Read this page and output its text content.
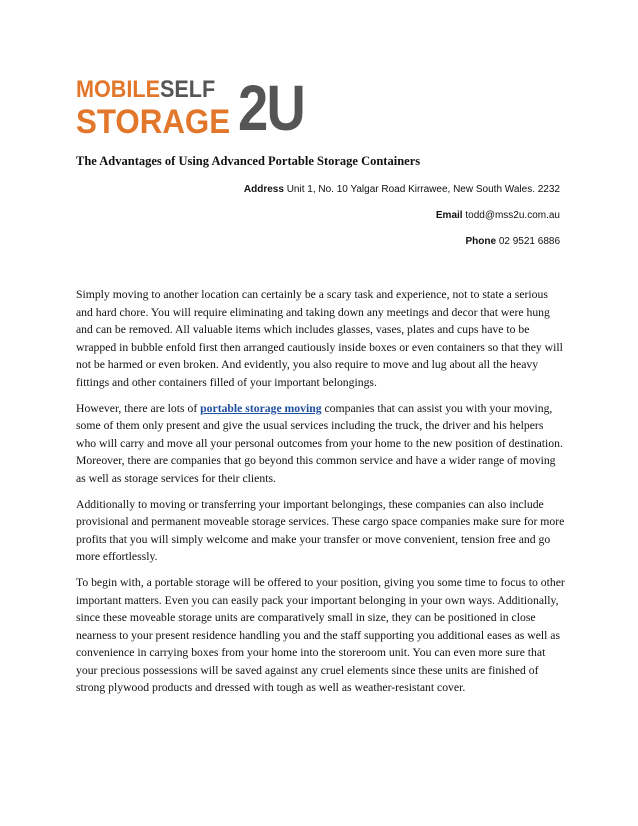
MOBILESELF
STORAGE 2U
The Advantages of Using Advanced Portable Storage Containers
Address Unit 1, No. 10 Yalgar Road Kirrawee, New South Wales. 2232
Email todd@mss2u.com.au
Phone 02 9521 6886

Simply moving to another location can certainly be a scary task and experience, not to state a serious and hard chore. You will require eliminating and taking down any meetings and decor that were hung and can be removed. All valuable items which includes glasses, vases, plates and cups have to be wrapped in bubble enfold first then arranged cautiously inside boxes or even containers so that they will not be harmed or even broken. And evidently, you also require to move and lug about all the heavy fittings and other containers filled of your important belongings.

However, there are lots of portable storage moving companies that can assist you with your moving, some of them only present and give the usual services including the truck, the driver and his helpers who will carry and move all your personal outcomes from your home to the new position of destination. Moreover, there are companies that go beyond this common service and have a wider range of moving as well as storage services for their clients.

Additionally to moving or transferring your important belongings, these companies can also include provisional and permanent moveable storage services. These cargo space companies make sure for more profits that you will simply welcome and make your transfer or move convenient, tension free and go more effortlessly.

To begin with, a portable storage will be offered to your position, giving you some time to focus to other important matters. Even you can easily pack your important belonging in your own ways. Additionally, since these moveable storage units are comparatively small in size, they can be positioned in close nearness to your present residence handling you and the staff supporting you additional eases as well as convenience in carrying boxes from your home into the storeroom unit. You can even more sure that your precious possessions will be saved against any cruel elements since these units are finished of strong plywood products and dressed with tough as well as weather-resistant cover.
